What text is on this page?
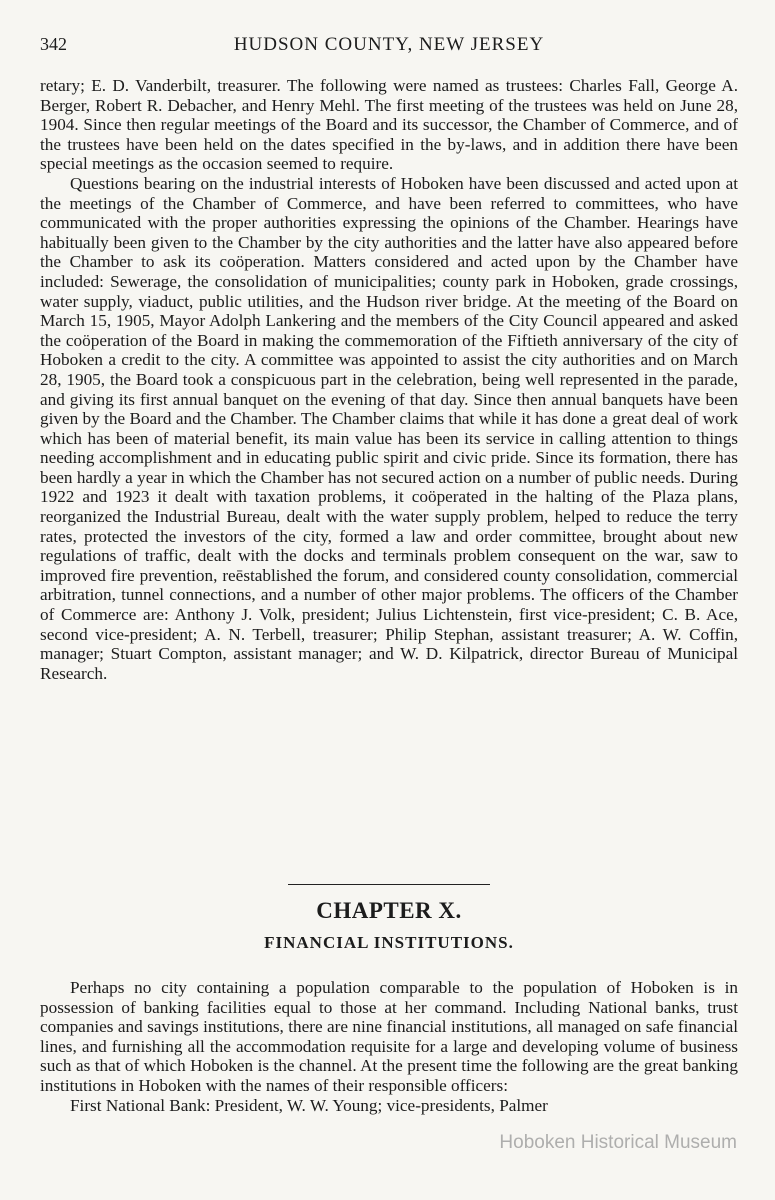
342	HUDSON COUNTY, NEW JERSEY

retary; E. D. Vanderbilt, treasurer. The following were named as trustees: Charles Fall, George A. Berger, Robert R. Debacher, and Henry Mehl. The first meeting of the trustees was held on June 28, 1904. Since then regular meetings of the Board and its successor, the Chamber of Commerce, and of the trustees have been held on the dates specified in the by-laws, and in addition there have been special meetings as the occasion seemed to require.

Questions bearing on the industrial interests of Hoboken have been discussed and acted upon at the meetings of the Chamber of Commerce, and have been referred to committees, who have communicated with the proper authorities expressing the opinions of the Chamber. Hearings have habitually been given to the Chamber by the city authorities and the latter have also appeared before the Chamber to ask its coöperation. Matters considered and acted upon by the Chamber have included: Sewerage, the consolidation of municipalities; county park in Hoboken, grade crossings, water supply, viaduct, public utilities, and the Hudson river bridge. At the meeting of the Board on March 15, 1905, Mayor Adolph Lankering and the members of the City Council appeared and asked the coöperation of the Board in making the commemoration of the Fiftieth anniversary of the city of Hoboken a credit to the city. A committee was appointed to assist the city authorities and on March 28, 1905, the Board took a conspicuous part in the celebration, being well represented in the parade, and giving its first annual banquet on the evening of that day. Since then annual banquets have been given by the Board and the Chamber. The Chamber claims that while it has done a great deal of work which has been of material benefit, its main value has been its service in calling attention to things needing accomplishment and in educating public spirit and civic pride. Since its formation, there has been hardly a year in which the Chamber has not secured action on a number of public needs. During 1922 and 1923 it dealt with taxation problems, it coöperated in the halting of the Plaza plans, reorganized the Industrial Bureau, dealt with the water supply problem, helped to reduce the terry rates, protected the investors of the city, formed a law and order committee, brought about new regulations of traffic, dealt with the docks and terminals problem consequent on the war, saw to improved fire prevention, reēstablished the forum, and considered county consolidation, commercial arbitration, tunnel connections, and a number of other major problems. The officers of the Chamber of Commerce are: Anthony J. Volk, president; Julius Lichtenstein, first vice-president; C. B. Ace, second vice-president; A. N. Terbell, treasurer; Philip Stephan, assistant treasurer; A. W. Coffin, manager; Stuart Compton, assistant manager; and W. D. Kilpatrick, director Bureau of Municipal Research.

CHAPTER X.
FINANCIAL INSTITUTIONS.

Perhaps no city containing a population comparable to the population of Hoboken is in possession of banking facilities equal to those at her command. Including National banks, trust companies and savings institutions, there are nine financial institutions, all managed on safe financial lines, and furnishing all the accommodation requisite for a large and developing volume of business such as that of which Hoboken is the channel. At the present time the following are the great banking institutions in Hoboken with the names of their responsible officers:

First National Bank: President, W. W. Young; vice-presidents, Palmer

Hoboken Historical Museum
